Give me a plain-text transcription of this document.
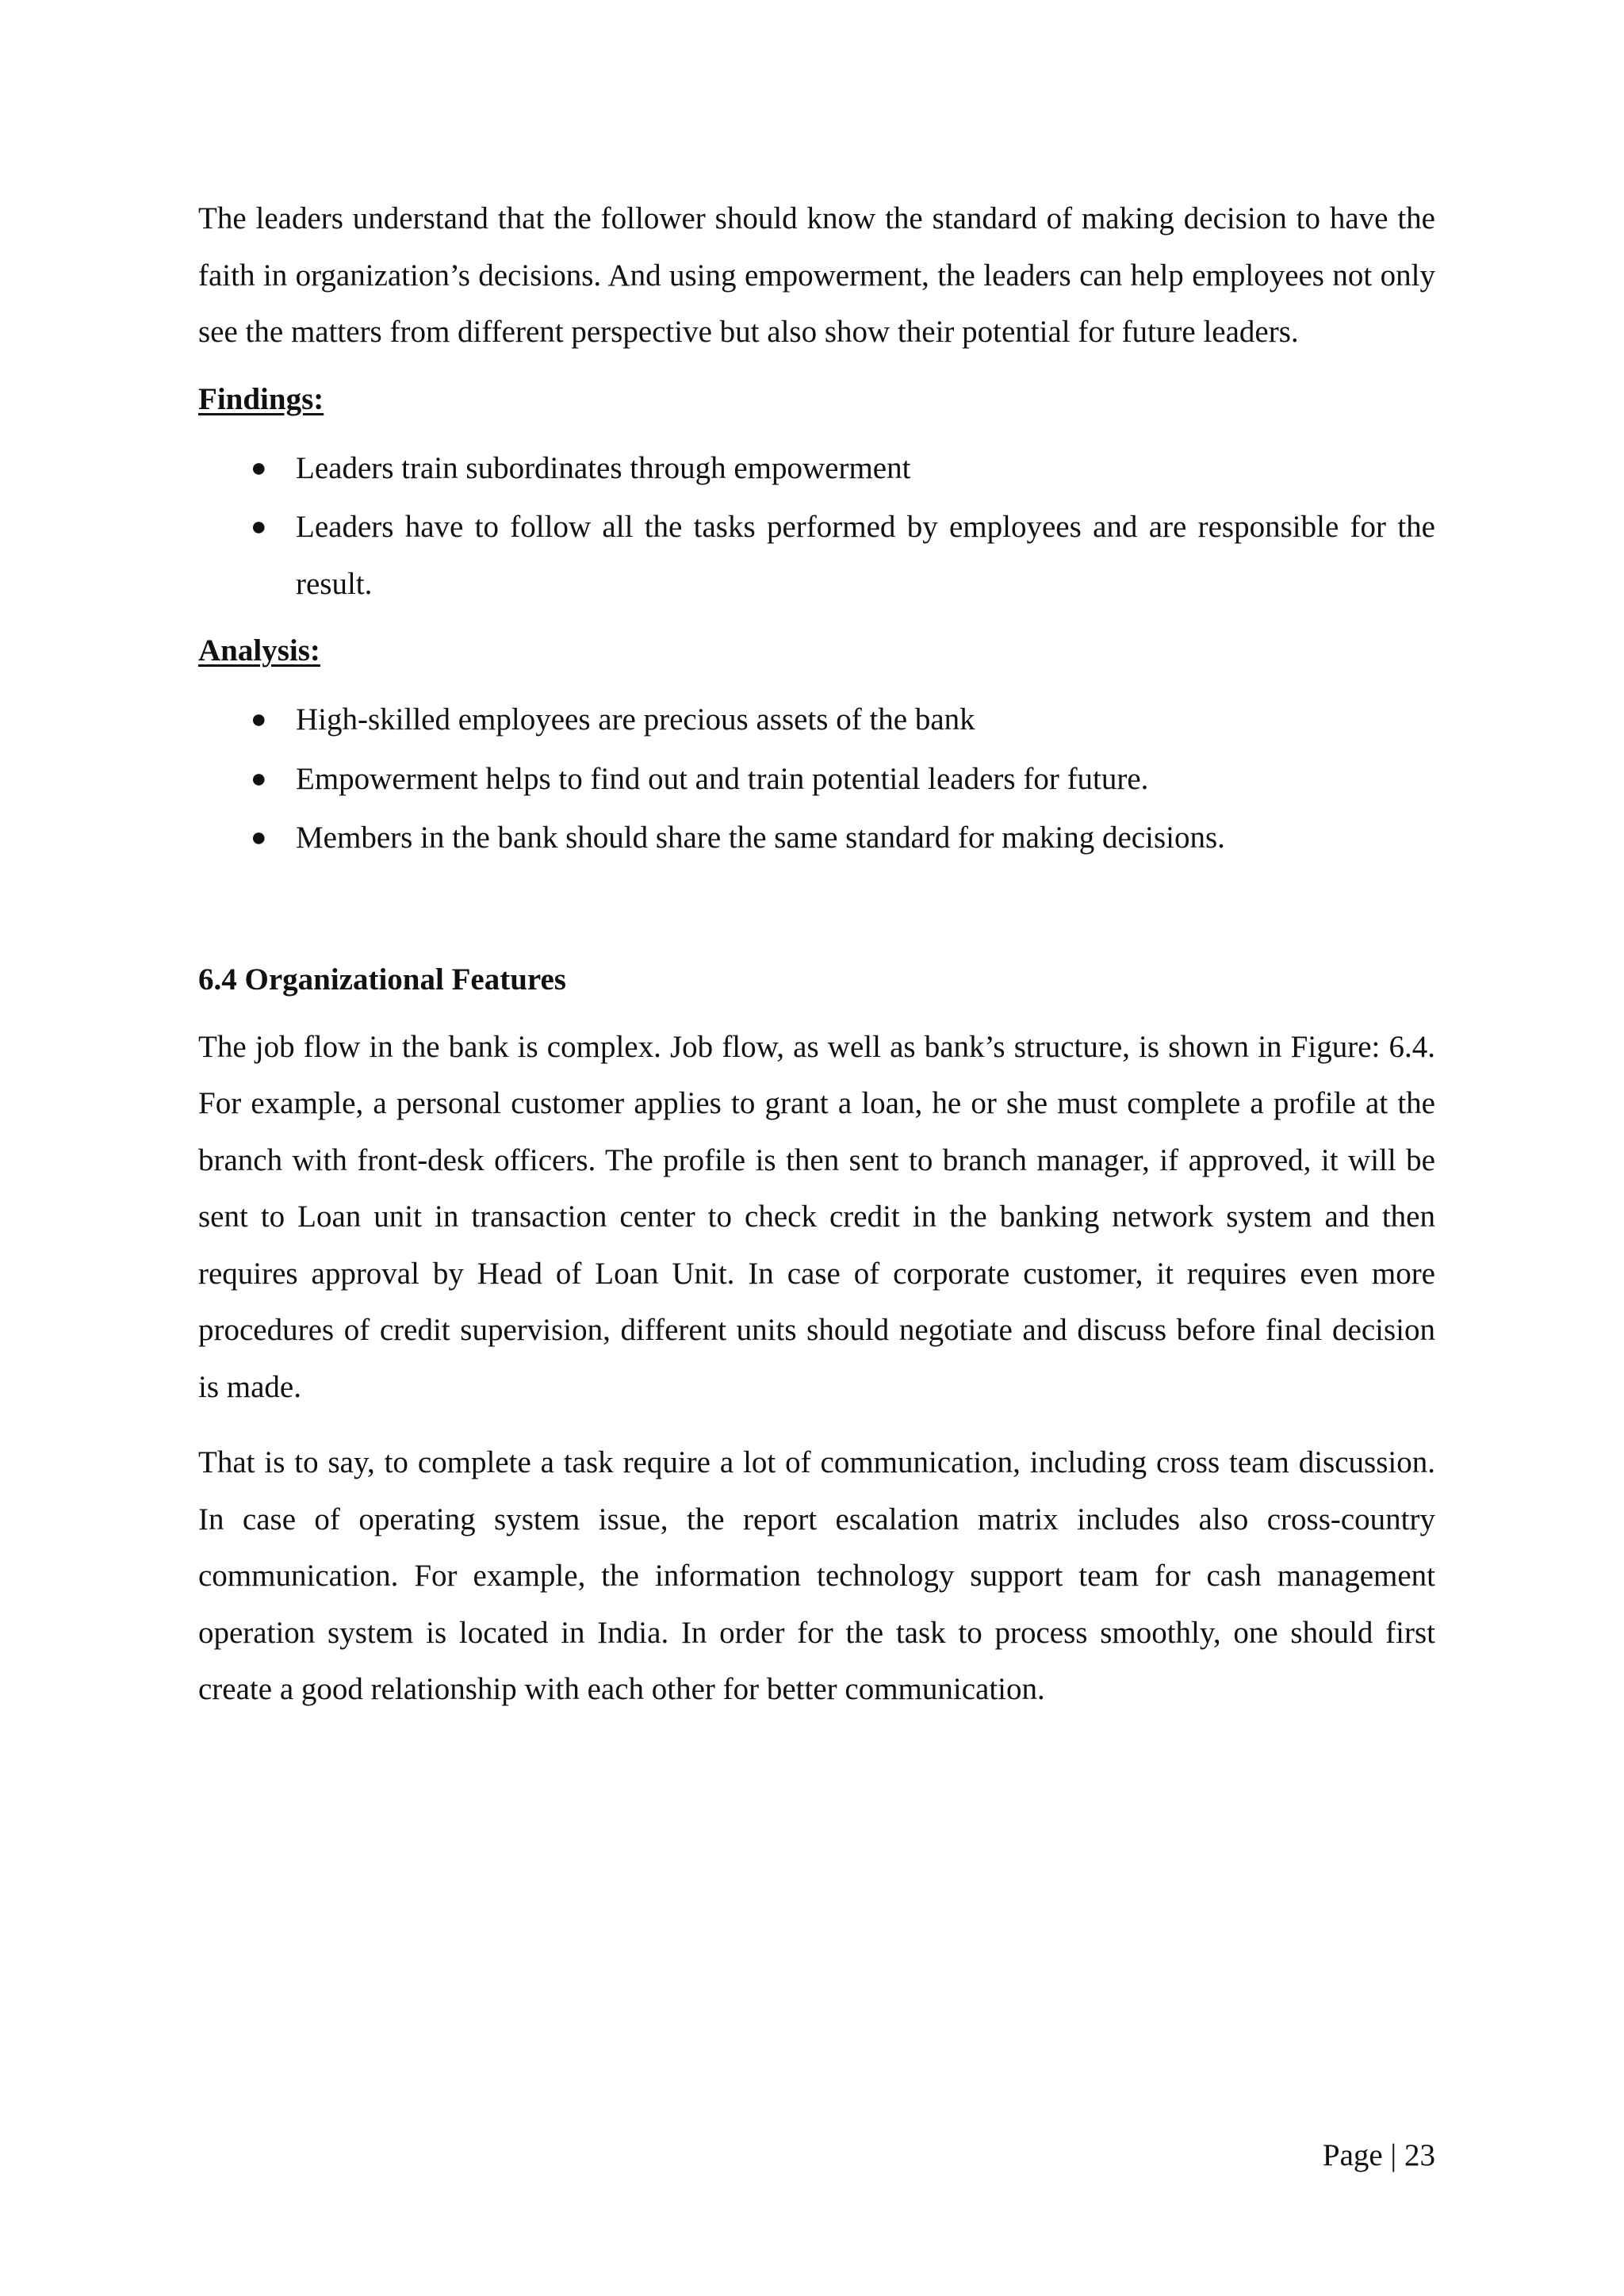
The leaders understand that the follower should know the standard of making decision to have the faith in organization’s decisions. And using empowerment, the leaders can help employees not only see the matters from different perspective but also show their potential for future leaders.

Findings:
● Leaders train subordinates through empowerment
● Leaders have to follow all the tasks performed by employees and are responsible for the result.
Analysis:
● High-skilled employees are precious assets of the bank
● Empowerment helps to find out and train potential leaders for future.
● Members in the bank should share the same standard for making decisions.
6.4 Organizational Features

The job flow in the bank is complex. Job flow, as well as bank’s structure, is shown in Figure: 6.4. For example, a personal customer applies to grant a loan, he or she must complete a profile at the branch with front-desk officers. The profile is then sent to branch manager, if approved, it will be sent to Loan unit in transaction center to check credit in the banking network system and then requires approval by Head of Loan Unit. In case of corporate customer, it requires even more procedures of credit supervision, different units should negotiate and discuss before final decision is made.

That is to say, to complete a task require a lot of communication, including cross team discussion. In case of operating system issue, the report escalation matrix includes also cross-country communication. For example, the information technology support team for cash management operation system is located in India. In order for the task to process smoothly, one should first create a good relationship with each other for better communication.

Page | 23
